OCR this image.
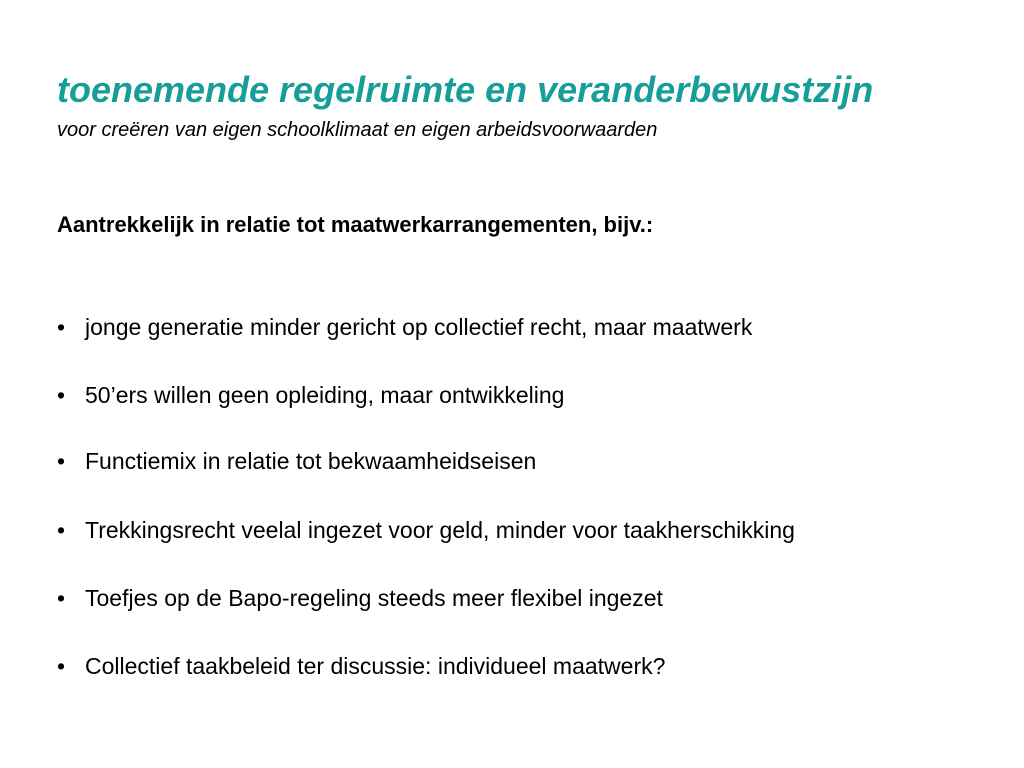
toenemende regelruimte en veranderbewustzijn

voor creëren van eigen schoolklimaat en eigen arbeidsvoorwaarden

Aantrekkelijk in relatie tot maatwerkarrangementen, bijv.:

• jonge generatie minder gericht op collectief recht, maar maatwerk
• 50’ers willen geen opleiding, maar ontwikkeling
• Functiemix in relatie tot bekwaamheidseisen
• Trekkingsrecht veelal ingezet voor geld, minder voor taakherschikking
• Toefjes op de Bapo-regeling steeds meer flexibel ingezet
• Collectief taakbeleid ter discussie: individueel maatwerk?
